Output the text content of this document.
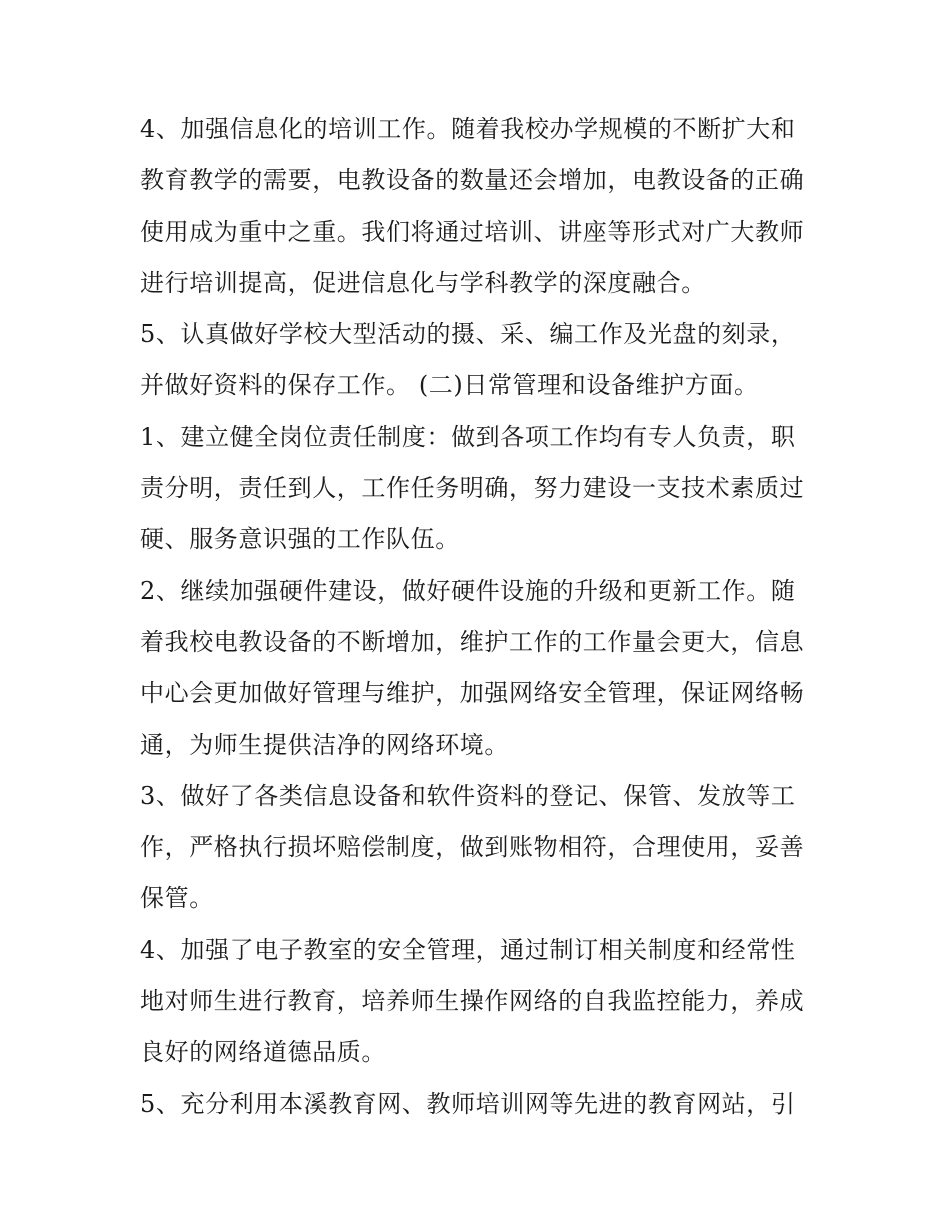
4、加强信息化的培训工作。随着我校办学规模的不断扩大和
教育教学的需要，电教设备的数量还会增加，电教设备的正确
使用成为重中之重。我们将通过培训、讲座等形式对广大教师
进行培训提高，促进信息化与学科教学的深度融合。
5、认真做好学校大型活动的摄、采、编工作及光盘的刻录，
并做好资料的保存工作。 (二)日常管理和设备维护方面。
1、建立健全岗位责任制度：做到各项工作均有专人负责，职
责分明，责任到人，工作任务明确，努力建设一支技术素质过
硬、服务意识强的工作队伍。
2、继续加强硬件建设，做好硬件设施的升级和更新工作。随
着我校电教设备的不断增加，维护工作的工作量会更大，信息
中心会更加做好管理与维护，加强网络安全管理，保证网络畅
通，为师生提供洁净的网络环境。
3、做好了各类信息设备和软件资料的登记、保管、发放等工
作，严格执行损坏赔偿制度，做到账物相符，合理使用，妥善
保管。
4、加强了电子教室的安全管理，通过制订相关制度和经常性
地对师生进行教育，培养师生操作网络的自我监控能力，养成
良好的网络道德品质。
5、充分利用本溪教育网、教师培训网等先进的教育网站，引
